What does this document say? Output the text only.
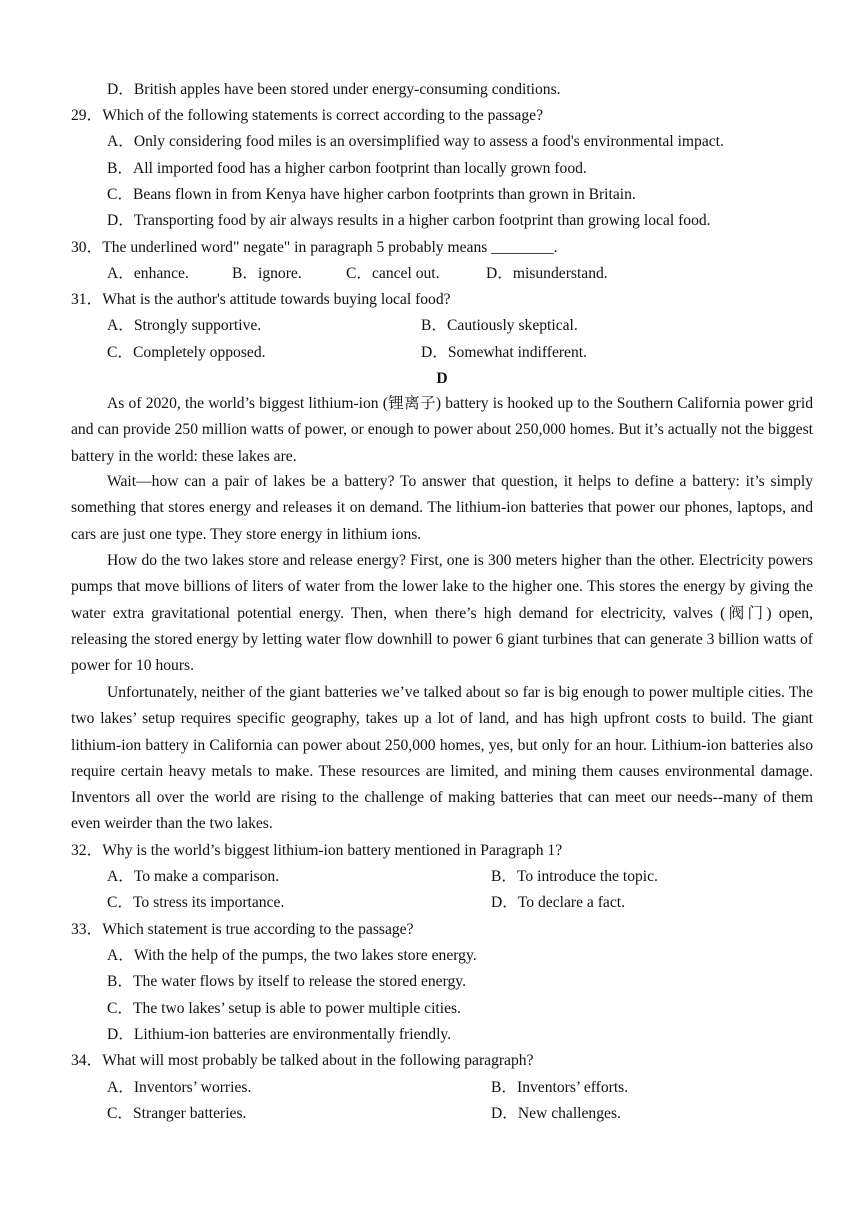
D．British apples have been stored under energy-consuming conditions.
29．Which of the following statements is correct according to the passage?
A．Only considering food miles is an oversimplified way to assess a food's environmental impact.
B．All imported food has a higher carbon footprint than locally grown food.
C．Beans flown in from Kenya have higher carbon footprints than grown in Britain.
D．Transporting food by air always results in a higher carbon footprint than growing local food.
30．The underlined word" negate" in paragraph 5 probably means ________.
A．enhance.	B．ignore.	C．cancel out.	D．misunderstand.
31．What is the author's attitude towards buying local food?
A．Strongly supportive.	B．Cautiously skeptical.
C．Completely opposed.	D．Somewhat indifferent.
D
As of 2020, the world’s biggest lithium-ion (锂离子) battery is hooked up to the Southern California power grid and can provide 250 million watts of power, or enough to power about 250,000 homes. But it’s actually not the biggest battery in the world: these lakes are.
Wait—how can a pair of lakes be a battery? To answer that question, it helps to define a battery: it’s simply something that stores energy and releases it on demand. The lithium-ion batteries that power our phones, laptops, and cars are just one type. They store energy in lithium ions.
How do the two lakes store and release energy? First, one is 300 meters higher than the other. Electricity powers pumps that move billions of liters of water from the lower lake to the higher one. This stores the energy by giving the water extra gravitational potential energy. Then, when there’s high demand for electricity, valves (阀门) open, releasing the stored energy by letting water flow downhill to power 6 giant turbines that can generate 3 billion watts of power for 10 hours.
Unfortunately, neither of the giant batteries we’ve talked about so far is big enough to power multiple cities. The two lakes’ setup requires specific geography, takes up a lot of land, and has high upfront costs to build. The giant lithium-ion battery in California can power about 250,000 homes, yes, but only for an hour. Lithium-ion batteries also require certain heavy metals to make. These resources are limited, and mining them causes environmental damage. Inventors all over the world are rising to the challenge of making batteries that can meet our needs--many of them even weirder than the two lakes.
32．Why is the world’s biggest lithium-ion battery mentioned in Paragraph 1?
A．To make a comparison.	B．To introduce the topic.
C．To stress its importance.	D．To declare a fact.
33．Which statement is true according to the passage?
A．With the help of the pumps, the two lakes store energy.
B．The water flows by itself to release the stored energy.
C．The two lakes’ setup is able to power multiple cities.
D．Lithium-ion batteries are environmentally friendly.
34．What will most probably be talked about in the following paragraph?
A．Inventors’ worries.	B．Inventors’ efforts.
C．Stranger batteries.	D．New challenges.
